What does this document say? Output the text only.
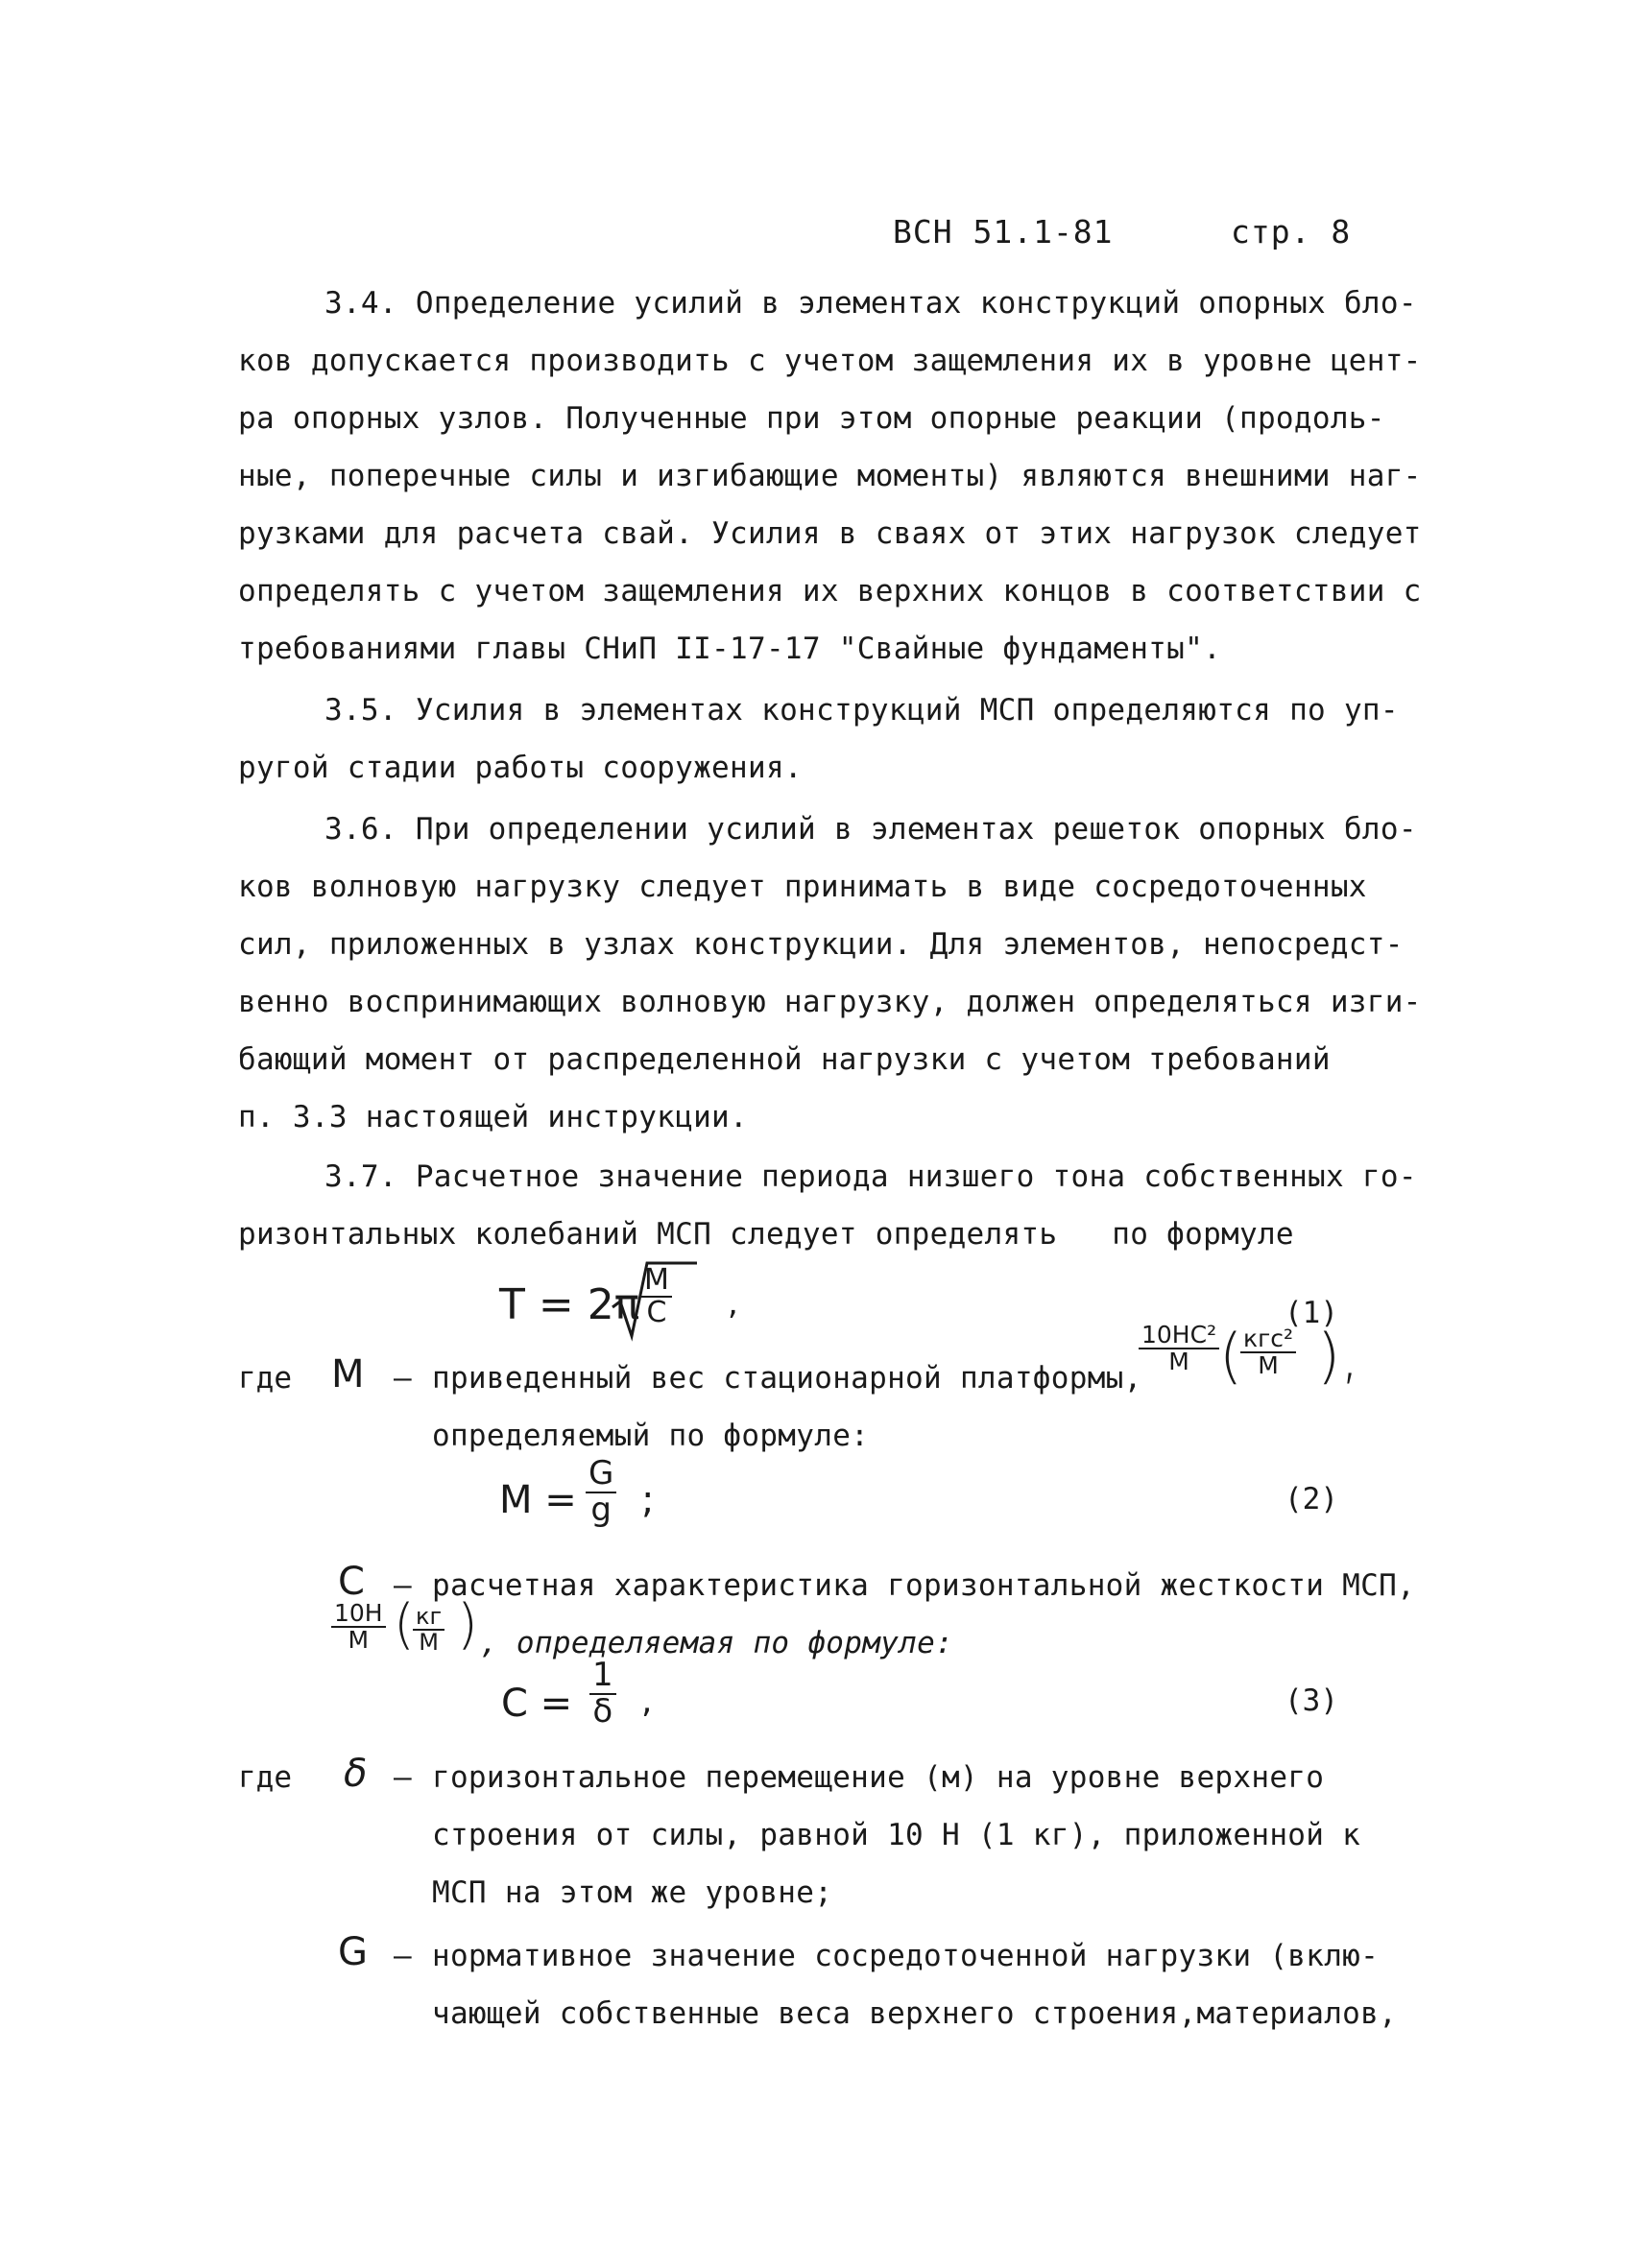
ВСН 51.1-81	стр. 8
3.4. Определение усилий в элементах конструкций опорных бло-
ков допускается производить с учетом защемления их в уровне цент-
ра опорных узлов. Полученные при этом опорные реакции (продоль-
ные, поперечные силы и изгибающие моменты) являются внешними наг-
рузками для расчета свай. Усилия в сваях от этих нагрузок следует
определять с учетом защемления их верхних концов в соответствии с
требованиями главы СНиП II-17-17 "Свайные фундаменты".
3.5. Усилия в элементах конструкций МСП определяются по уп-
ругой стадии работы сооружения.
3.6. При определении усилий в элементах решеток опорных бло-
ков волновую нагрузку следует принимать в виде сосредоточенных
сил, приложенных в узлах конструкции. Для элементов, непосредст-
венно воспринимающих волновую нагрузку, должен определяться изги-
бающий момент от распределенной нагрузки с учетом требований
п. 3.3 настоящей инструкции.
3.7. Расчетное значение периода низшего тона собственных го-
ризонтальных колебаний МСП следует определять   по формуле
$T = 2\pi \frac{M}{C}$ ,	(1)
где M – приведенный вес стационарной платформы,
$\frac{\text{10HC²}}{M}$ ( кгс²
M ),
определяемый по формуле:
$M = \frac{G}{g}$ ;	(2)
C – расчетная характеристика горизонтальной жесткости МСП,
$\frac{10H}{M}$ ( кг
M ) , определяемая по формуле:
$C = \frac{1}{\delta}$ ,	(3)
где δ – горизонтальное перемещение (м) на уровне верхнего
строения от силы, равной 10 Н (1 кг), приложенной к
МСП на этом же уровне;
G – нормативное значение сосредоточенной нагрузки (вклю-
чающей собственные веса верхнего строения,материалов,
